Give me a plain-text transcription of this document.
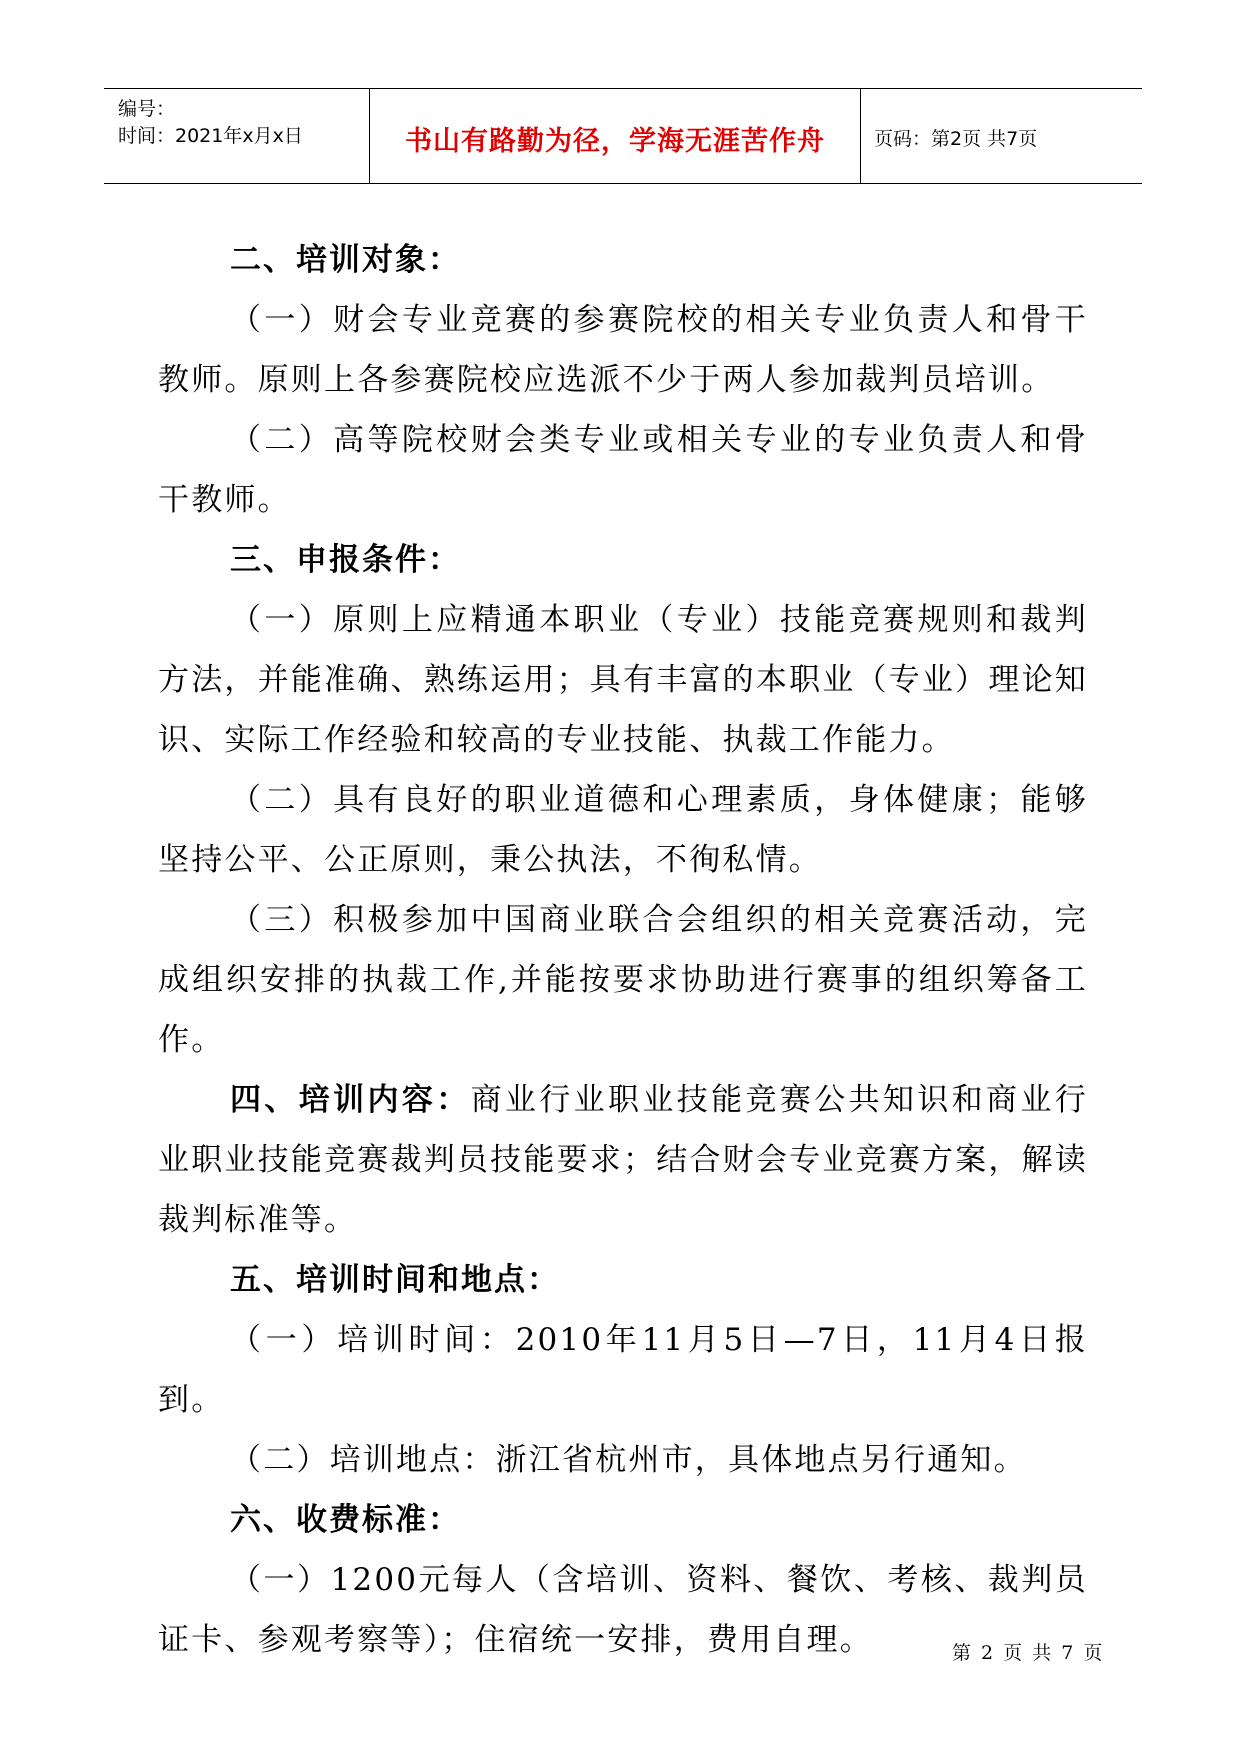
编号：
时间：2021年x月x日	书山有路勤为径，学海无涯苦作舟	页码：第2页 共7页

二、培训对象：

（一）财会专业竞赛的参赛院校的相关专业负责人和骨干教师。原则上各参赛院校应选派不少于两人参加裁判员培训。

（二）高等院校财会类专业或相关专业的专业负责人和骨干教师。

三、申报条件：

（一）原则上应精通本职业（专业）技能竞赛规则和裁判方法，并能准确、熟练运用；具有丰富的本职业（专业）理论知识、实际工作经验和较高的专业技能、执裁工作能力。

（二）具有良好的职业道德和心理素质，身体健康；能够坚持公平、公正原则，秉公执法，不徇私情。

（三）积极参加中国商业联合会组织的相关竞赛活动，完成组织安排的执裁工作,并能按要求协助进行赛事的组织筹备工作。

四、培训内容：商业行业职业技能竞赛公共知识和商业行业职业技能竞赛裁判员技能要求；结合财会专业竞赛方案，解读裁判标准等。

五、培训时间和地点：

（一）培训时间：2010年11月5日—7日，11月4日报到。

（二）培训地点：浙江省杭州市，具体地点另行通知。

六、收费标准：

（一）1200元每人（含培训、资料、餐饮、考核、裁判员证卡、参观考察等）；住宿统一安排，费用自理。	第 2 页 共 7 页
